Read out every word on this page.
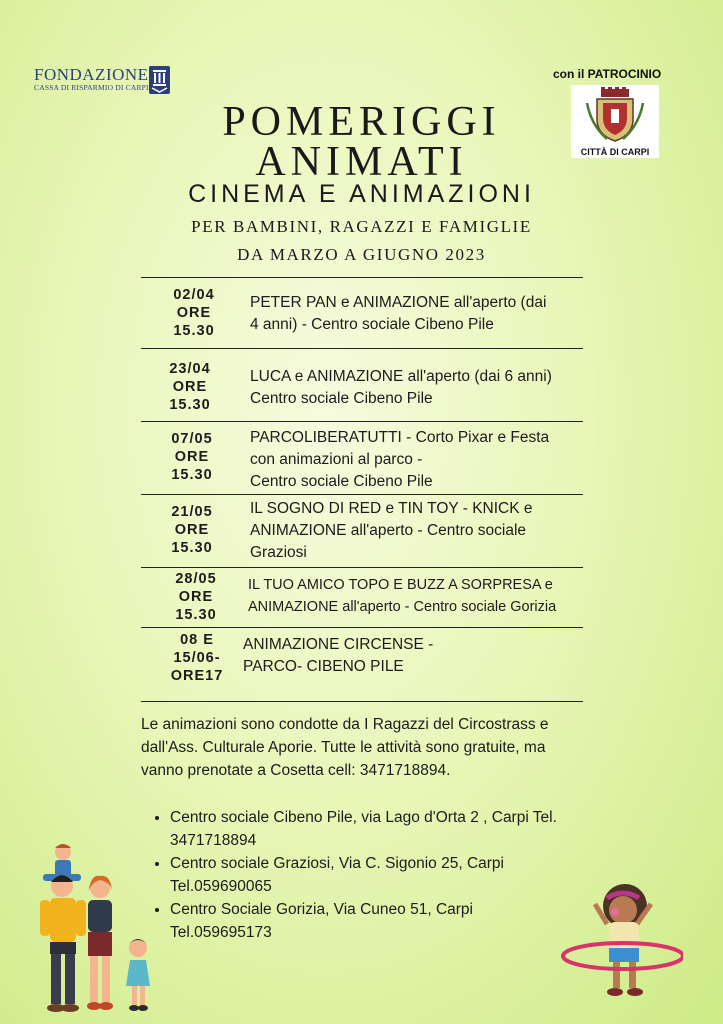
FONDAZIONE
CASSA DI RISPARMIO DI CARPI
con il PATROCINIO
CITTÀ DI CARPI
POMERIGGI
ANIMATI
CINEMA E ANIMAZIONI
PER BAMBINI, RAGAZZI E FAMIGLIE
DA MARZO A GIUGNO 2023
02/04
ORE
15.30
PETER PAN e ANIMAZIONE all'aperto (dai
4 anni) - Centro sociale Cibeno Pile
23/04
ORE
15.30
LUCA e ANIMAZIONE all'aperto (dai 6 anni)
Centro sociale Cibeno Pile
07/05
ORE
15.30
PARCOLIBERATUTTI - Corto Pixar e Festa
con animazioni al parco -
Centro sociale Cibeno Pile
21/05
ORE
15.30
IL SOGNO DI RED e TIN TOY - KNICK e
ANIMAZIONE all'aperto - Centro sociale
Graziosi
28/05
ORE
15.30
IL TUO AMICO TOPO E BUZZ A SORPRESA e
ANIMAZIONE all'aperto - Centro sociale Gorizia
08 E
15/06-
ORE17
ANIMAZIONE CIRCENSE -
PARCO- CIBENO PILE
Le animazioni sono condotte da I Ragazzi del Circostrass e
dall'Ass. Culturale Aporie. Tutte le attività sono gratuite, ma
vanno prenotate a Cosetta cell: 3471718894.
• Centro sociale Cibeno Pile, via Lago d'Orta 2 , Carpi Tel.
3471718894
• Centro sociale Graziosi, Via C. Sigonio 25, Carpi
Tel.059690065
• Centro Sociale Gorizia, Via Cuneo 51, Carpi
Tel.059695173
